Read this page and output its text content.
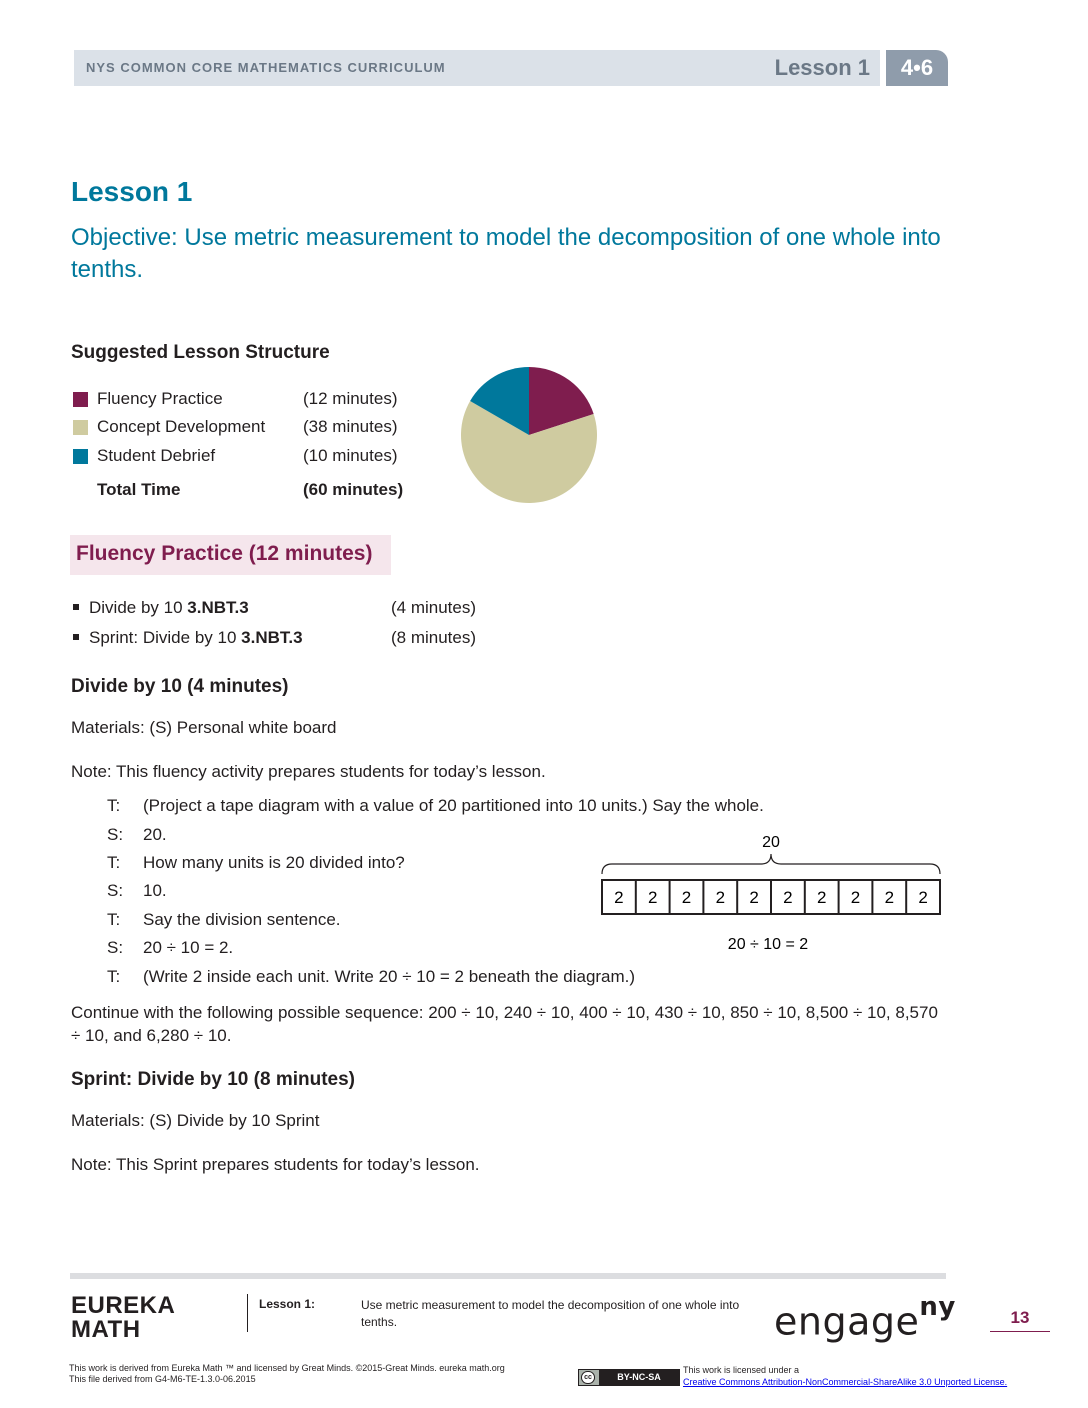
NYS COMMON CORE MATHEMATICS CURRICULUM	Lesson 1	4•6
Lesson 1
Objective: Use metric measurement to model the decomposition of one whole into tenths.
Suggested Lesson Structure
Fluency Practice	(12 minutes)
Concept Development (38 minutes)
Student Debrief	(10 minutes)
Total Time	(60 minutes)
Fluency Practice (12 minutes)
Divide by 10 3.NBT.3	(4 minutes)
Sprint: Divide by 10 3.NBT.3	(8 minutes)
Divide by 10 (4 minutes)
Materials: (S) Personal white board
Note: This fluency activity prepares students for today’s lesson.
T: (Project a tape diagram with a value of 20 partitioned into 10 units.) Say the whole.
S: 20.
T: How many units is 20 divided into?
S: 10.
T: Say the division sentence.
S: 20 ÷ 10 = 2.
T: (Write 2 inside each unit. Write 20 ÷ 10 = 2 beneath the diagram.)
20
2 2 2 2 2 2 2 2 2 2
20 ÷ 10 = 2
Continue with the following possible sequence: 200 ÷ 10, 240 ÷ 10, 400 ÷ 10, 430 ÷ 10, 850 ÷ 10, 8,500 ÷ 10, 8,570 ÷ 10, and 6,280 ÷ 10.
Sprint: Divide by 10 (8 minutes)
Materials: (S) Divide by 10 Sprint
Note: This Sprint prepares students for today’s lesson.
EUREKA
MATH
Lesson 1:	Use metric measurement to model the decomposition of one whole into tenths.	engage$^{ny}$	13
This work is derived from Eureka Math ™ and licensed by Great Minds. ©2015-Great Minds. eureka math.org
This file derived from G4-M6-TE-1.3.0-06.2015	cc	BY-NC-SA
This work is licensed under a
Creative Commons Attribution-NonCommercial-ShareAlike 3.0 Unported License.
